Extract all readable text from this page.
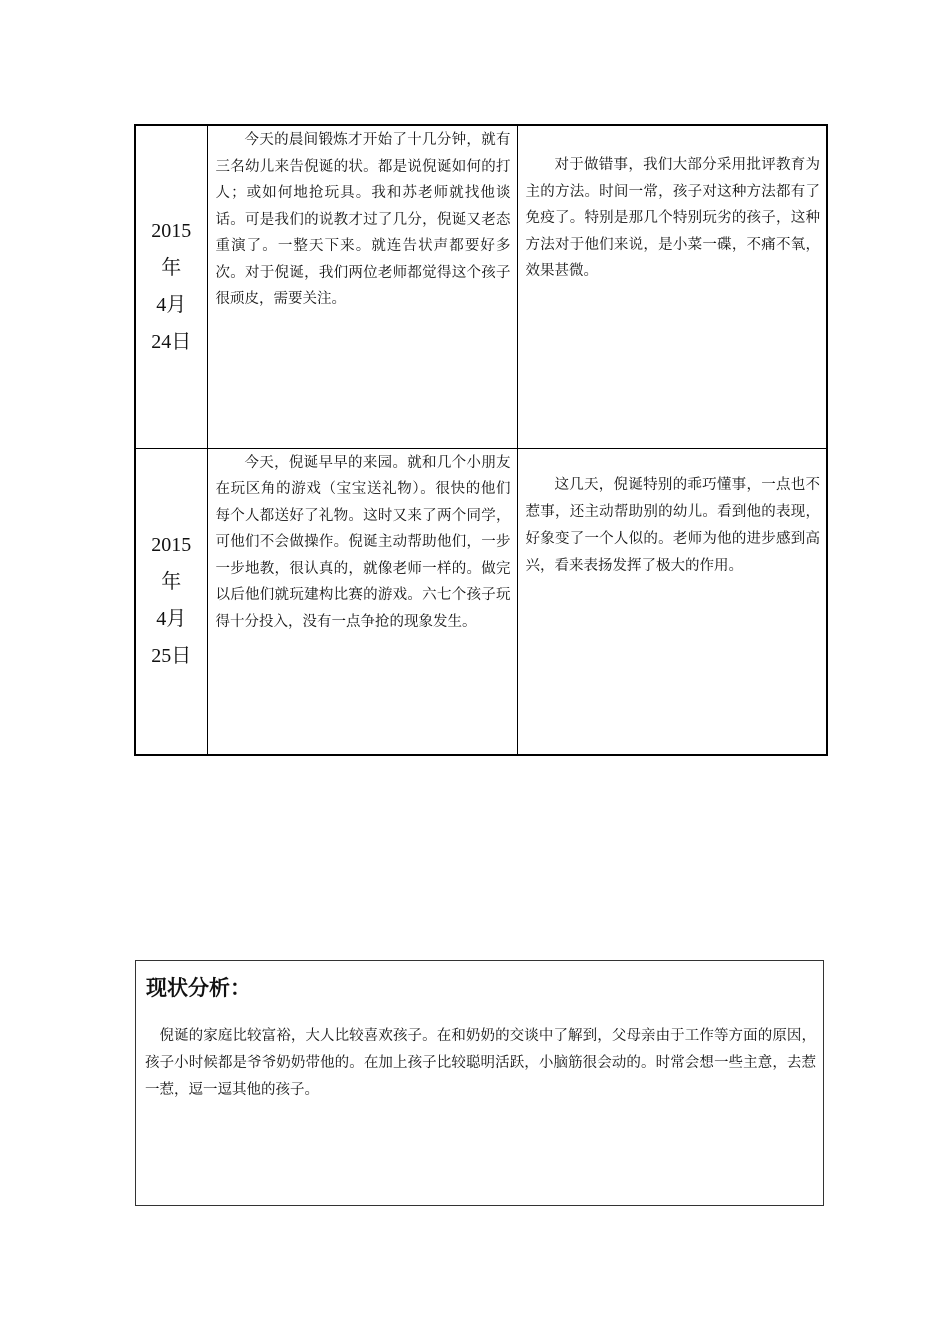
2015
年
4月
24日	今天的晨间锻炼才开始了十几分钟，就有三名幼儿来告倪诞的状。都是说倪诞如何的打人；或如何地抢玩具。我和苏老师就找他谈话。可是我们的说教才过了几分，倪诞又老态重演了。一整天下来。就连告状声都要好多次。对于倪诞，我们两位老师都觉得这个孩子很顽皮，需要关注。	对于做错事，我们大部分采用批评教育为主的方法。时间一常，孩子对这种方法都有了免疫了。特别是那几个特别玩劣的孩子，这种方法对于他们来说，是小菜一碟，不痛不氧，效果甚微。

2015
年
4月
25日	今天，倪诞早早的来园。就和几个小朋友在玩区角的游戏（宝宝送礼物）。很快的他们每个人都送好了礼物。这时又来了两个同学，可他们不会做操作。倪诞主动帮助他们，一步一步地教，很认真的，就像老师一样的。做完以后他们就玩建构比赛的游戏。六七个孩子玩得十分投入，没有一点争抢的现象发生。	这几天，倪诞特别的乖巧懂事，一点也不惹事，还主动帮助别的幼儿。看到他的表现，好象变了一个人似的。老师为他的进步感到高兴，看来表扬发挥了极大的作用。

现状分析：

倪诞的家庭比较富裕，大人比较喜欢孩子。在和奶奶的交谈中了解到，父母亲由于工作等方面的原因，孩子小时候都是爷爷奶奶带他的。在加上孩子比较聪明活跃，小脑筋很会动的。时常会想一些主意，去惹一惹，逗一逗其他的孩子。
